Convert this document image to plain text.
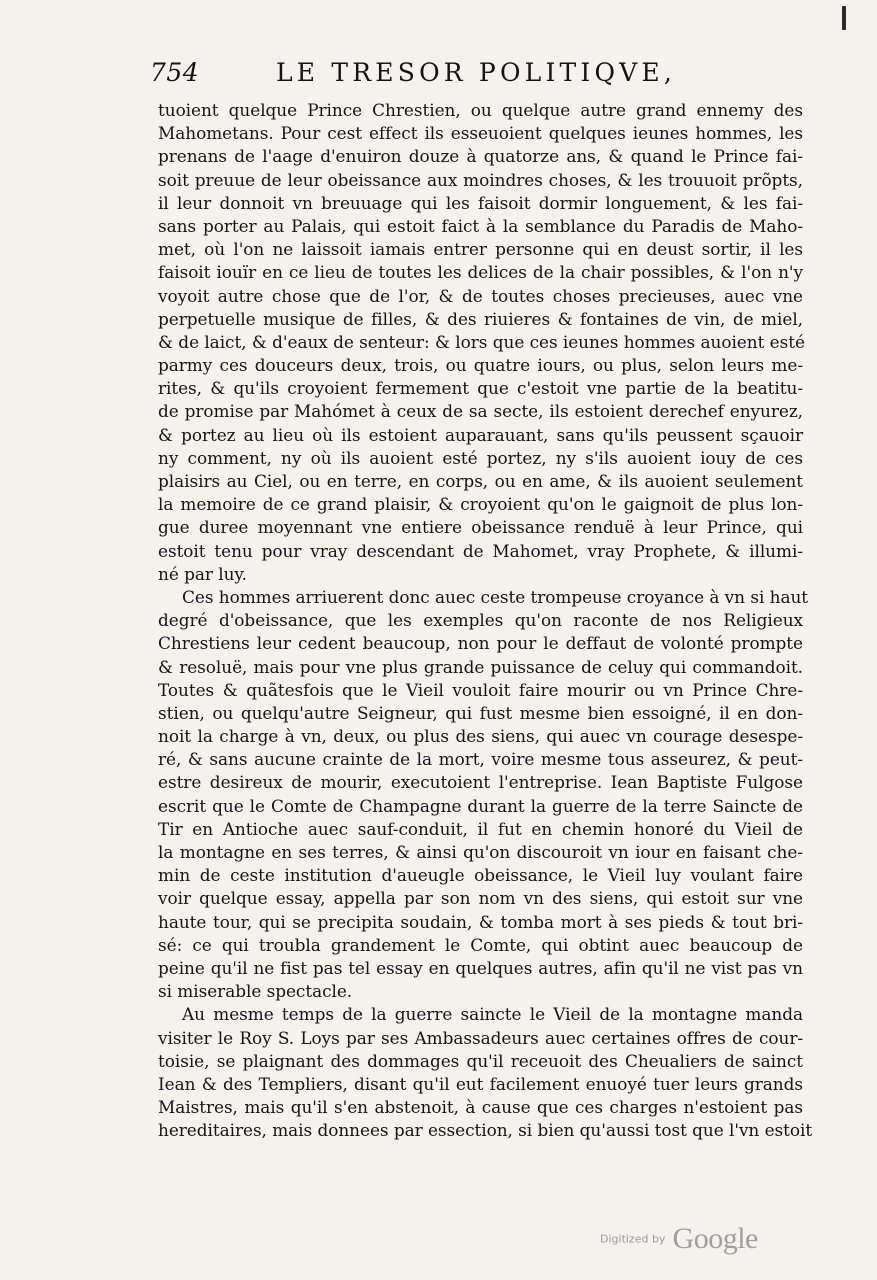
754	LE TRESOR POLITIQVE,
tuoient quelque Prince Chrestien, ou quelque autre grand ennemy des
Mahometans. Pour cest effect ils esseuoient quelques ieunes hommes, les
prenans de l'aage d'enuiron douze à quatorze ans, & quand le Prince fai-
soit preuue de leur obeissance aux moindres choses, & les trouuoit prõpts,
il leur donnoit vn breuuage qui les faisoit dormir longuement, & les fai-
sans porter au Palais, qui estoit faict à la semblance du Paradis de Maho-
met, où l'on ne laissoit iamais entrer personne qui en deust sortir, il les
faisoit iouïr en ce lieu de toutes les delices de la chair possibles, & l'on n'y
voyoit autre chose que de l'or, & de toutes choses precieuses, auec vne
perpetuelle musique de filles, & des riuieres & fontaines de vin, de miel,
& de laict, & d'eaux de senteur: & lors que ces ieunes hommes auoient esté
parmy ces douceurs deux, trois, ou quatre iours, ou plus, selon leurs me-
rites, & qu'ils croyoient fermement que c'estoit vne partie de la beatitu-
de promise par Mahómet à ceux de sa secte, ils estoient derechef enyurez,
& portez au lieu où ils estoient auparauant, sans qu'ils peussent sçauoir
ny comment, ny où ils auoient esté portez, ny s'ils auoient iouy de ces
plaisirs au Ciel, ou en terre, en corps, ou en ame, & ils auoient seulement
la memoire de ce grand plaisir, & croyoient qu'on le gaignoit de plus lon-
gue duree moyennant vne entiere obeissance renduë à leur Prince, qui
estoit tenu pour vray descendant de Mahomet, vray Prophete, & illumi-
né par luy.
Ces hommes arriuerent donc auec ceste trompeuse croyance à vn si haut
degré d'obeissance, que les exemples qu'on raconte de nos Religieux
Chrestiens leur cedent beaucoup, non pour le deffaut de volonté prompte
& resoluë, mais pour vne plus grande puissance de celuy qui commandoit.
Toutes & quãtesfois que le Vieil vouloit faire mourir ou vn Prince Chre-
stien, ou quelqu'autre Seigneur, qui fust mesme bien essoigné, il en don-
noit la charge à vn, deux, ou plus des siens, qui auec vn courage desespe-
ré, & sans aucune crainte de la mort, voire mesme tous asseurez, & peut-
estre desireux de mourir, executoient l'entreprise. Iean Baptiste Fulgose
escrit que le Comte de Champagne durant la guerre de la terre Saincte de
Tir en Antioche auec sauf-conduit, il fut en chemin honoré du Vieil de
la montagne en ses terres, & ainsi qu'on discouroit vn iour en faisant che-
min de ceste institution d'aueugle obeissance, le Vieil luy voulant faire
voir quelque essay, appella par son nom vn des siens, qui estoit sur vne
haute tour, qui se precipita soudain, & tomba mort à ses pieds & tout bri-
sé: ce qui troubla grandement le Comte, qui obtint auec beaucoup de
peine qu'il ne fist pas tel essay en quelques autres, afin qu'il ne vist pas vn
si miserable spectacle.
Au mesme temps de la guerre saincte le Vieil de la montagne manda
visiter le Roy S. Loys par ses Ambassadeurs auec certaines offres de cour-
toisie, se plaignant des dommages qu'il receuoit des Cheualiers de sainct
Iean & des Templiers, disant qu'il eut facilement enuoyé tuer leurs grands
Maistres, mais qu'il s'en abstenoit, à cause que ces charges n'estoient pas
hereditaires, mais donnees par essection, si bien qu'aussi tost que l'vn estoit
Digitized by Google
